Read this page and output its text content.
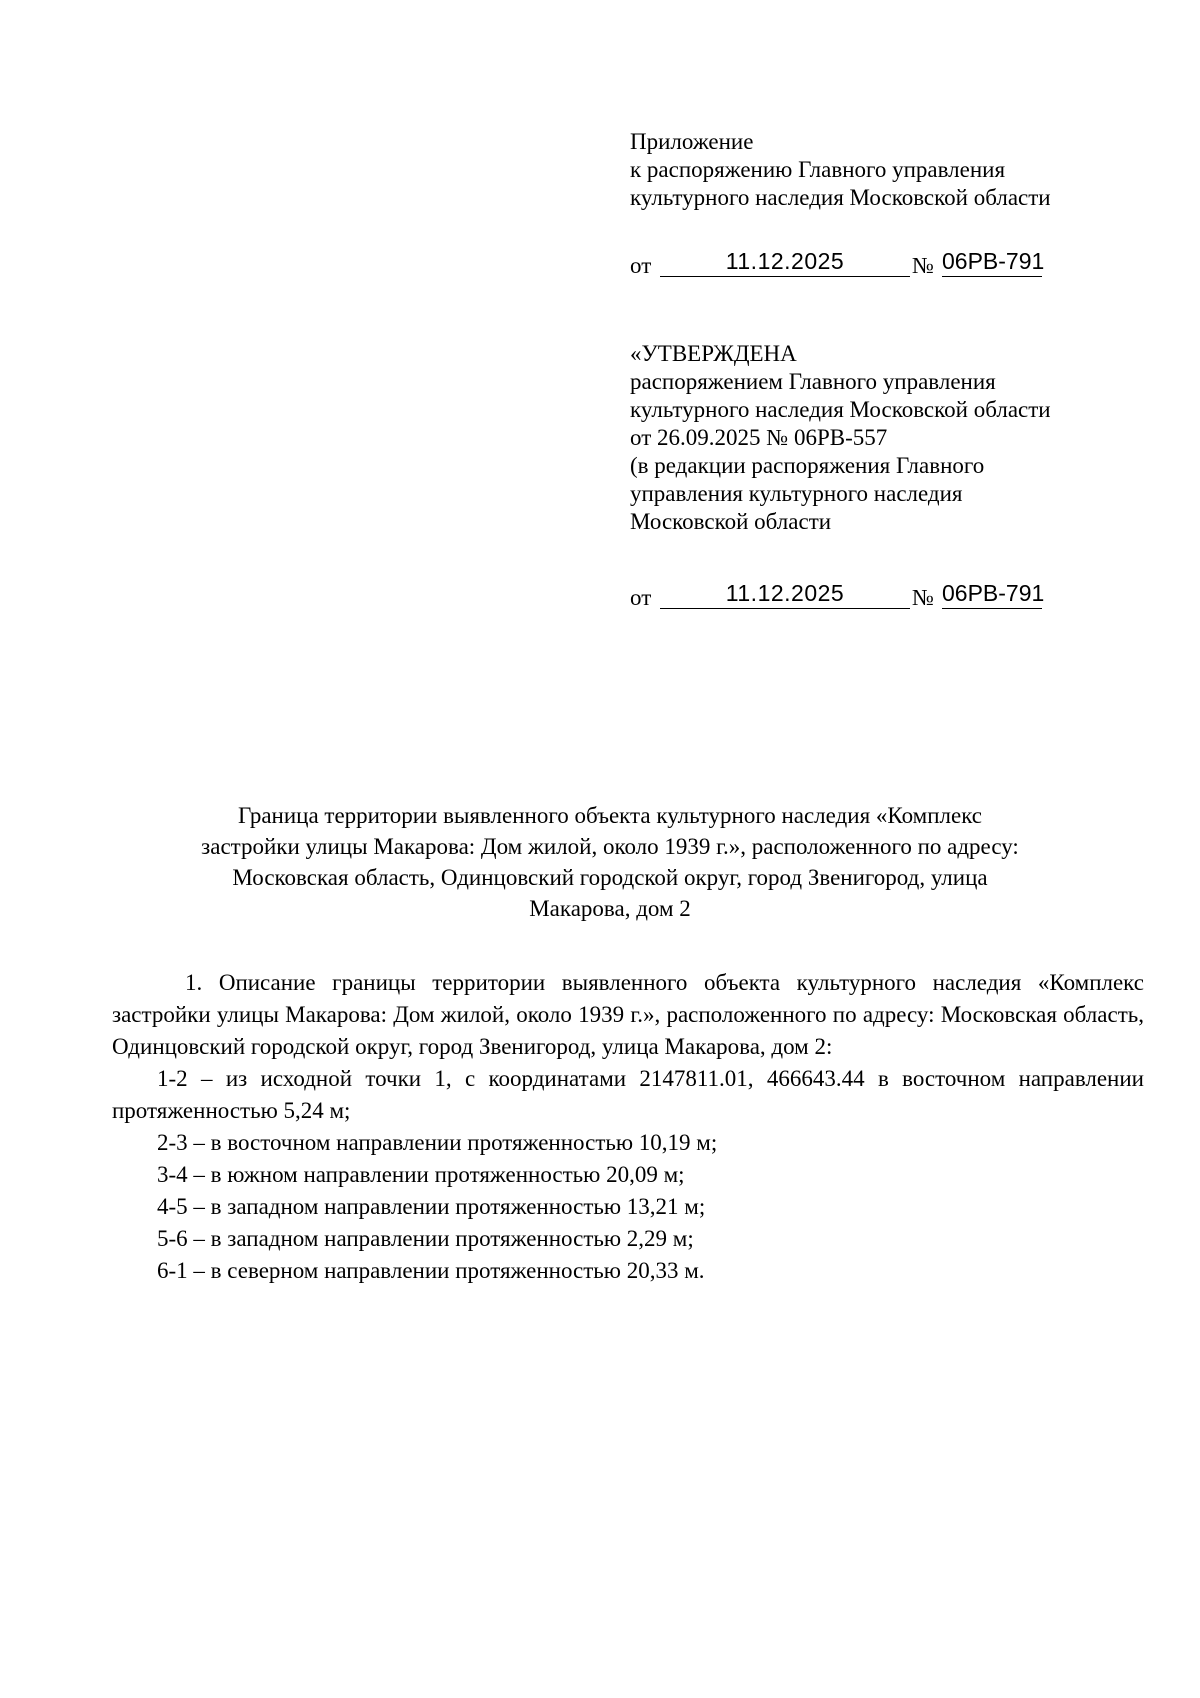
Приложение
к распоряжению Главного управления
культурного наследия Московской области
от	11.12.2025	№ 06РВ-791
«УТВЕРЖДЕНА
распоряжением Главного управления
культурного наследия Московской области
от 26.09.2025 № 06РВ-557
(в редакции распоряжения Главного
управления культурного наследия
Московской области
от	11.12.2025	№ 06РВ-791
Граница территории выявленного объекта культурного наследия «Комплекс
застройки улицы Макарова: Дом жилой, около 1939 г.», расположенного по адресу:
Московская область, Одинцовский городской округ, город Звенигород, улица
Макарова, дом 2

1. Описание границы территории выявленного объекта культурного наследия «Комплекс застройки улицы Макарова: Дом жилой, около 1939 г.», расположенного по адресу: Московская область, Одинцовский городской округ, город Звенигород, улица Макарова, дом 2:

1-2 – из исходной точки 1, с координатами 2147811.01, 466643.44 в восточном направлении протяженностью 5,24 м;

2-3 – в восточном направлении протяженностью 10,19 м;

3-4 – в южном направлении протяженностью 20,09 м;

4-5 – в западном направлении протяженностью 13,21 м;

5-6 – в западном направлении протяженностью 2,29 м;

6-1 – в северном направлении протяженностью 20,33 м.
